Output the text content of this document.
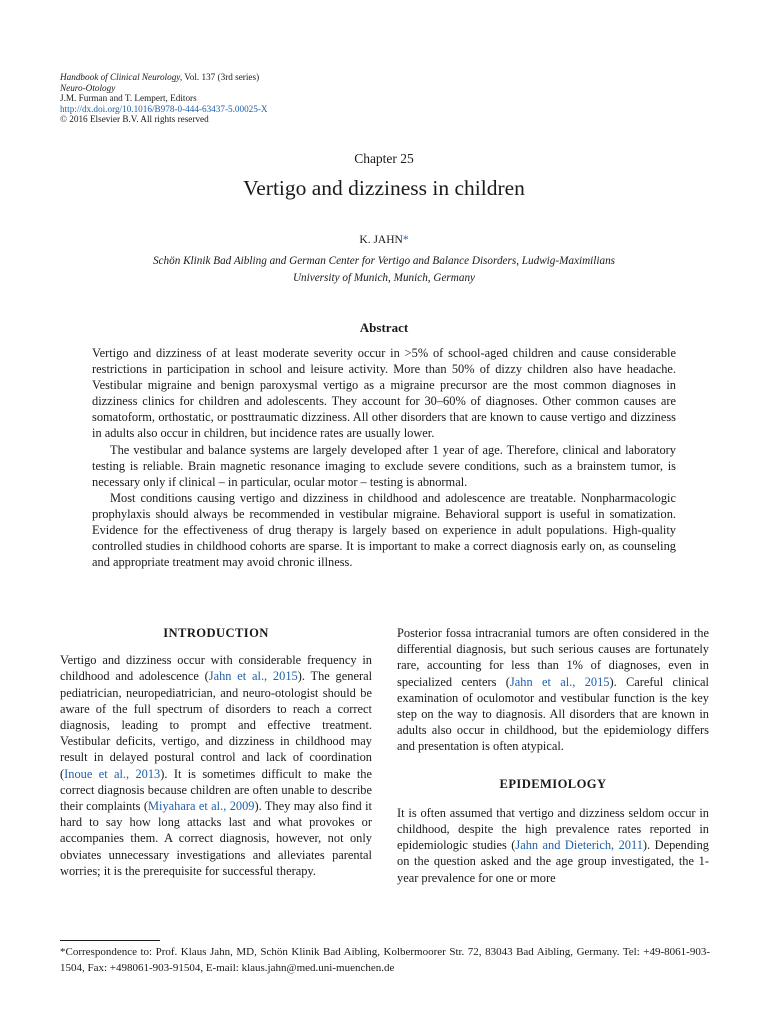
Handbook of Clinical Neurology, Vol. 137 (3rd series)
Neuro-Otology
J.M. Furman and T. Lempert, Editors
http://dx.doi.org/10.1016/B978-0-444-63437-5.00025-X
© 2016 Elsevier B.V. All rights reserved
Chapter 25
Vertigo and dizziness in children
K. JAHN*
Schön Klinik Bad Aibling and German Center for Vertigo and Balance Disorders, Ludwig-Maximilians
University of Munich, Munich, Germany
Abstract

Vertigo and dizziness of at least moderate severity occur in >5% of school-aged children and cause considerable restrictions in participation in school and leisure activity. More than 50% of dizzy children also have headache. Vestibular migraine and benign paroxysmal vertigo as a migraine precursor are the most common diagnoses in dizziness clinics for children and adolescents. They account for 30–60% of diagnoses. Other common causes are somatoform, orthostatic, or posttraumatic dizziness. All other disorders that are known to cause vertigo and dizziness in adults also occur in children, but incidence rates are usually lower.

The vestibular and balance systems are largely developed after 1 year of age. Therefore, clinical and laboratory testing is reliable. Brain magnetic resonance imaging to exclude severe conditions, such as a brainstem tumor, is necessary only if clinical – in particular, ocular motor – testing is abnormal.

Most conditions causing vertigo and dizziness in childhood and adolescence are treatable. Nonpharmacologic prophylaxis should always be recommended in vestibular migraine. Behavioral support is useful in somatization. Evidence for the effectiveness of drug therapy is largely based on experience in adult populations. High-quality controlled studies in childhood cohorts are sparse. It is important to make a correct diagnosis early on, as counseling and appropriate treatment may avoid chronic illness.

INTRODUCTION

Vertigo and dizziness occur with considerable frequency in childhood and adolescence (Jahn et al., 2015). The general pediatrician, neuropediatrician, and neuro-otologist should be aware of the full spectrum of disorders to reach a correct diagnosis, leading to prompt and effective treatment. Vestibular deficits, vertigo, and dizziness in childhood may result in delayed postural control and lack of coordination (Inoue et al., 2013). It is sometimes difficult to make the correct diagnosis because children are often unable to describe their complaints (Miyahara et al., 2009). They may also find it hard to say how long attacks last and what provokes or accompanies them. A correct diagnosis, however, not only obviates unnecessary investigations and alleviates parental worries; it is the prerequisite for successful therapy.

Posterior fossa intracranial tumors are often considered in the differential diagnosis, but such serious causes are fortunately rare, accounting for less than 1% of diagnoses, even in specialized centers (Jahn et al., 2015). Careful clinical examination of oculomotor and vestibular function is the key step on the way to diagnosis. All disorders that are known in adults also occur in childhood, but the epidemiology differs and presentation is often atypical.

EPIDEMIOLOGY

It is often assumed that vertigo and dizziness seldom occur in childhood, despite the high prevalence rates reported in epidemiologic studies (Jahn and Dieterich, 2011). Depending on the question asked and the age group investigated, the 1-year prevalence for one or more

*Correspondence to: Prof. Klaus Jahn, MD, Schön Klinik Bad Aibling, Kolbermoorer Str. 72, 83043 Bad Aibling, Germany. Tel: +49-8061-903-1504, Fax: +498061-903-91504, E-mail: klaus.jahn@med.uni-muenchen.de
